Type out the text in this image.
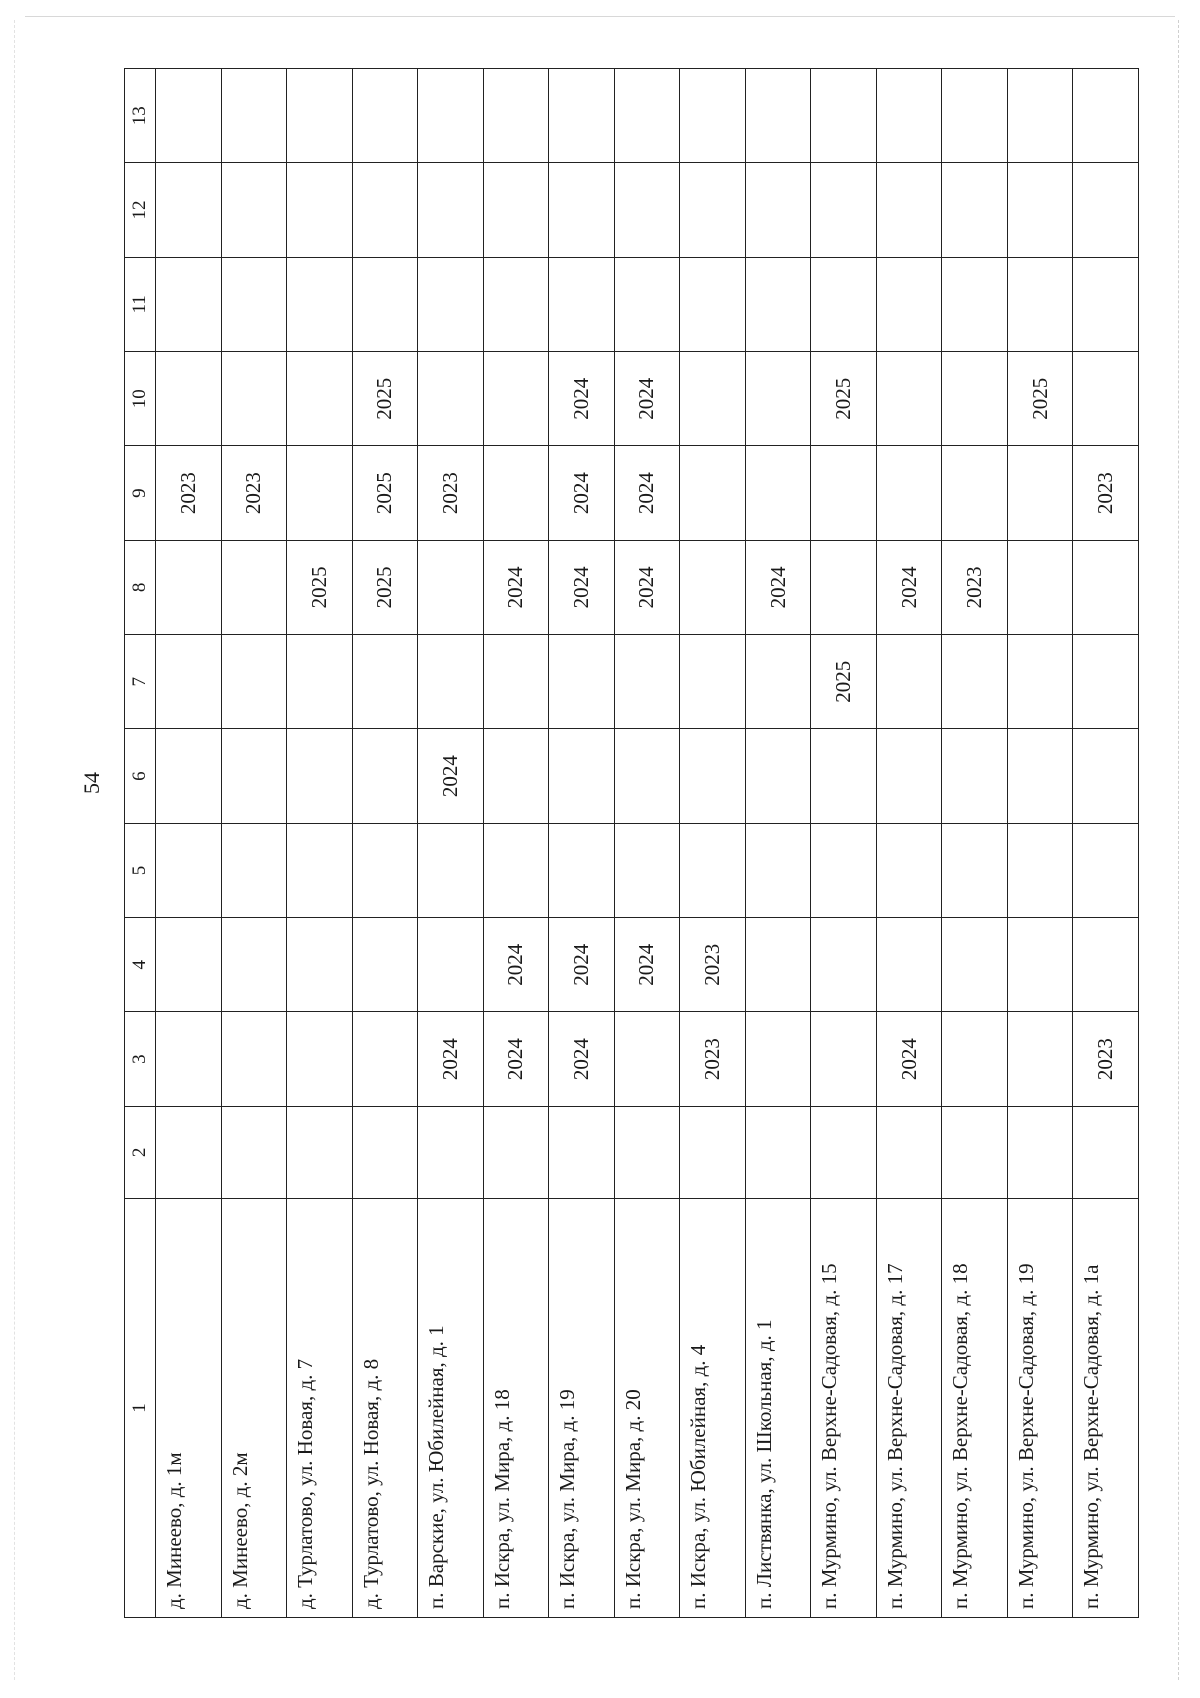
54
1	2	3	4	5	6	7	8	9	10	11	12	13
д. Минеево, д. 1м								2023				
д. Минеево, д. 2м								2023				
д. Турлатово, ул. Новая, д. 7							2025					
д. Турлатово, ул. Новая, д. 8							2025	2025	2025			
п. Варские, ул. Юбилейная, д. 1		2024			2024			2023				
п. Искра, ул. Мира, д. 18		2024	2024				2024					
п. Искра, ул. Мира, д. 19		2024	2024				2024	2024	2024			
п. Искра, ул. Мира, д. 20			2024				2024	2024	2024			
п. Искра, ул. Юбилейная, д. 4		2023	2023									
п. Листвянка, ул. Школьная, д. 1							2024					
п. Мурмино, ул. Верхне-Садовая, д. 15						2025			2025			
п. Мурмино, ул. Верхне-Садовая, д. 17		2024					2024					
п. Мурмино, ул. Верхне-Садовая, д. 18							2023					
п. Мурмино, ул. Верхне-Садовая, д. 19									2025			
п. Мурмино, ул. Верхне-Садовая, д. 1а		2023						2023				
